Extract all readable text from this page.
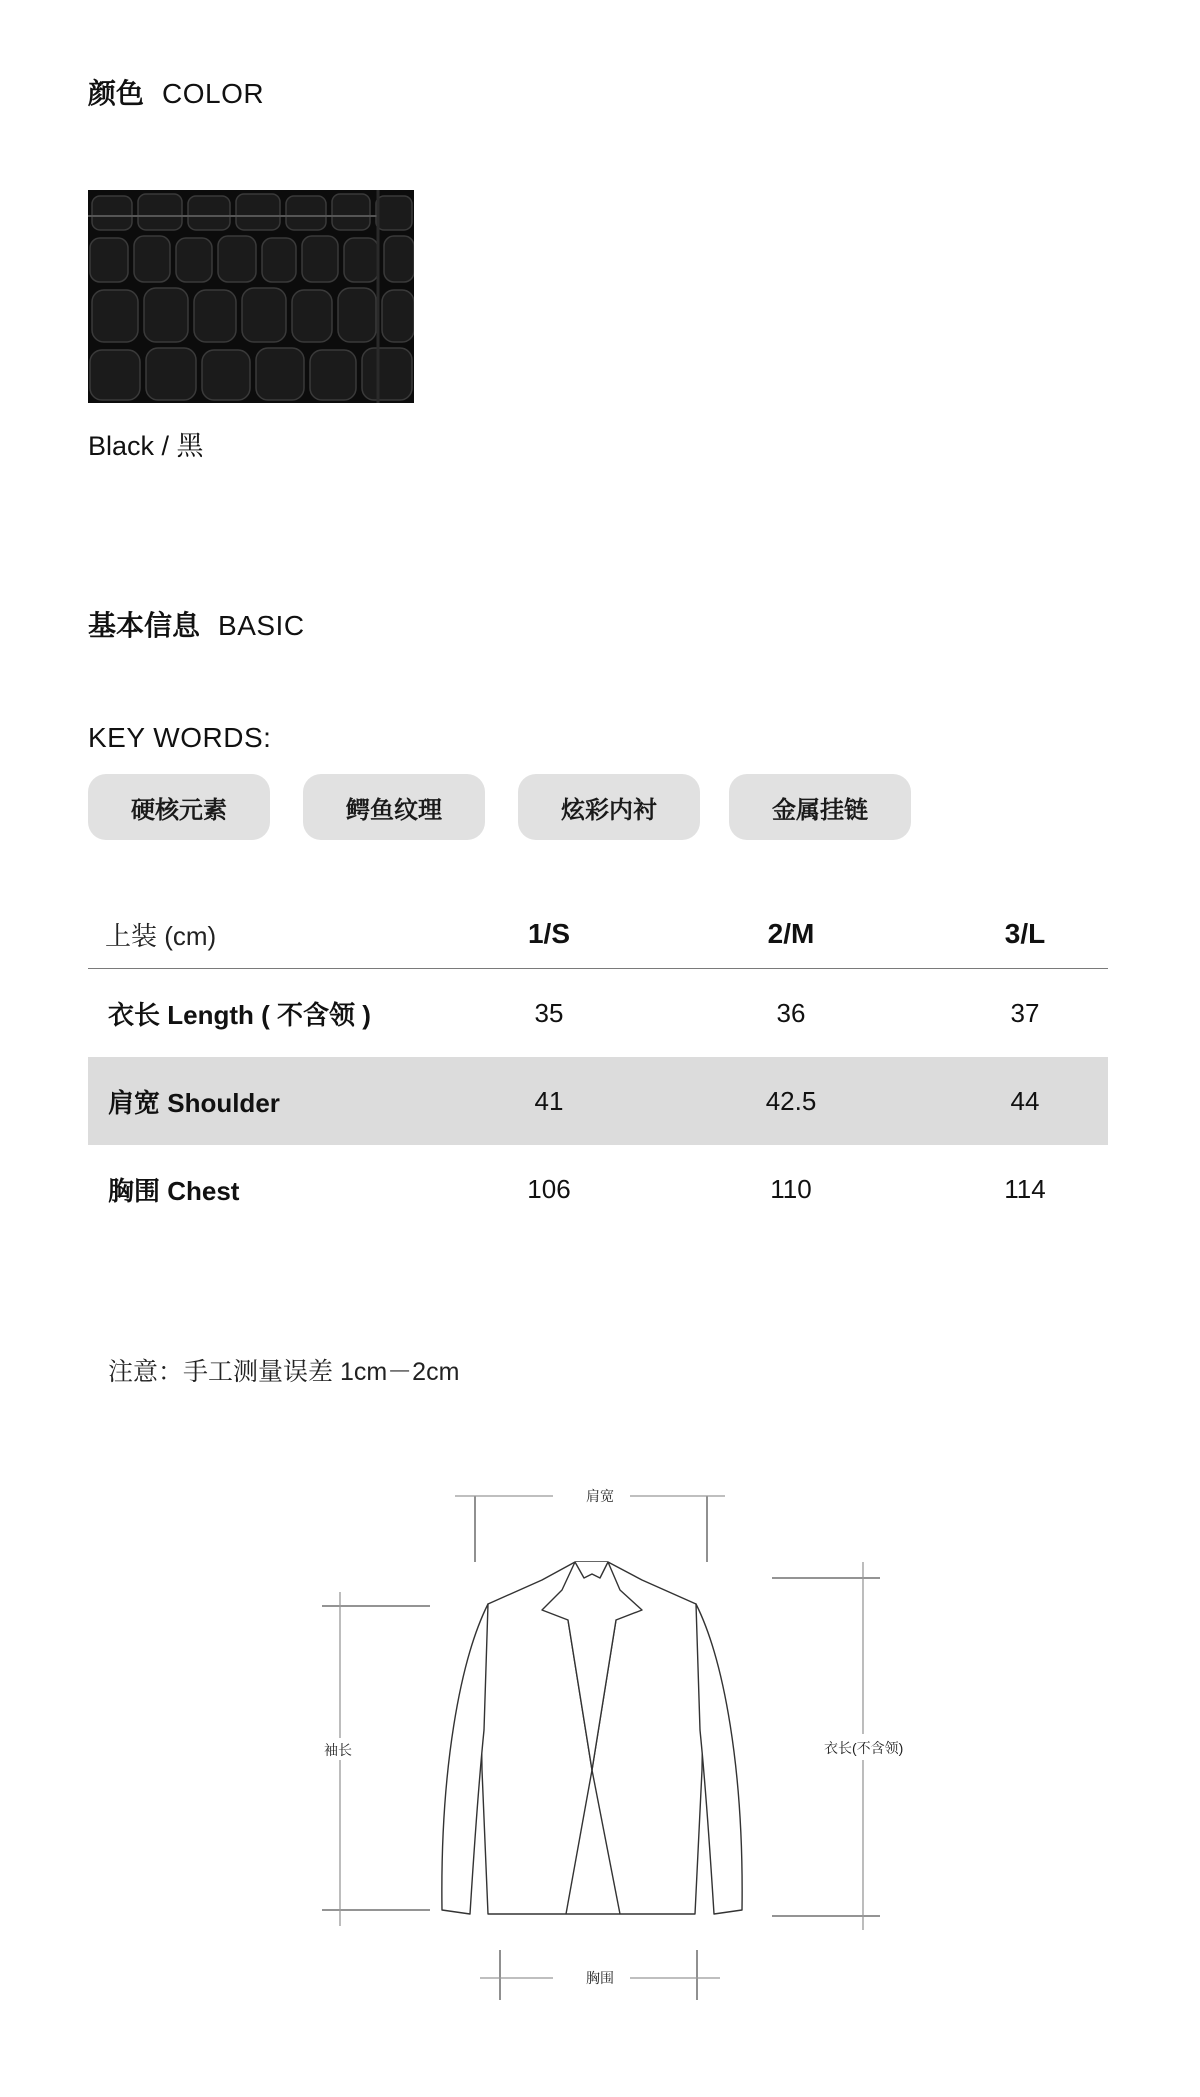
颜色 COLOR
Black / 黑
基本信息 BASIC
KEY WORDS:
硬核元素	鳄鱼纹理	炫彩内衬	金属挂链
上装 (cm)	1/S	2/M	3/L
衣长 Length ( 不含领 )	35	36	37
肩宽 Shoulder	41	42.5	44
胸围 Chest	106	110	114
注意：手工测量误差 1cm－2cm
肩宽
袖长	衣长(不含领)
胸围
